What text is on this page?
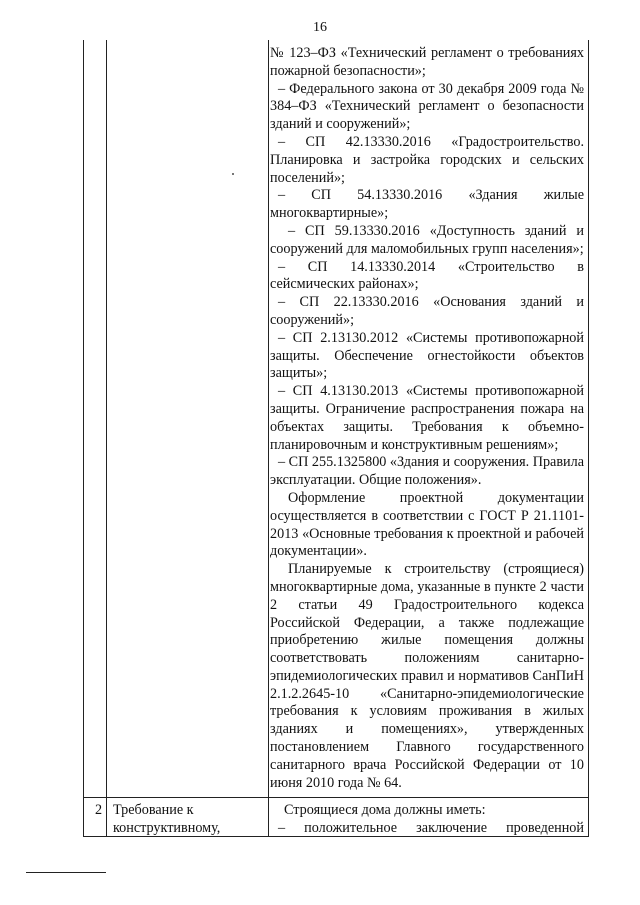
16

№ 123–ФЗ «Технический регламент о требованиях пожарной безопасности»;

– Федерального закона от 30 декабря 2009 года № 384–ФЗ «Технический регламент о безопасности зданий и сооружений»;

– СП 42.13330.2016 «Градостроительство. Планировка и застройка городских и сельских поселений»;

– СП 54.13330.2016 «Здания жилые многоквартирные»;

– СП 59.13330.2016 «Доступность зданий и сооружений для маломобильных групп населения»;

– СП 14.13330.2014 «Строительство в сейсмических районах»;

– СП 22.13330.2016 «Основания зданий и сооружений»;

– СП 2.13130.2012 «Системы противопожарной защиты. Обеспечение огнестойкости объектов защиты»;

– СП 4.13130.2013 «Системы противопожарной защиты. Ограничение распространения пожара на объектах защиты. Требования к объемно-планировочным и конструктивным решениям»;

– СП 255.1325800 «Здания и сооружения. Правила эксплуатации. Общие положения».

Оформление проектной документации осуществляется в соответствии с ГОСТ Р 21.1101-2013 «Основные требования к проектной и рабочей документации».

Планируемые к строительству (строящиеся) многоквартирные дома, указанные в пункте 2 части 2 статьи 49 Градостроительного кодекса Российской Федерации, а также подлежащие приобретению жилые помещения должны соответствовать положениям санитарно-эпидемиологических правил и нормативов СанПиН 2.1.2.2645-10 «Санитарно-эпидемиологические требования к условиям проживания в жилых зданиях и помещениях», утвержденных постановлением Главного государственного санитарного врача Российской Федерации от 10 июня 2010 года № 64.

2 Требование к
конструктивному,
Строящиеся дома должны иметь:
– положительное заключение проведенной
